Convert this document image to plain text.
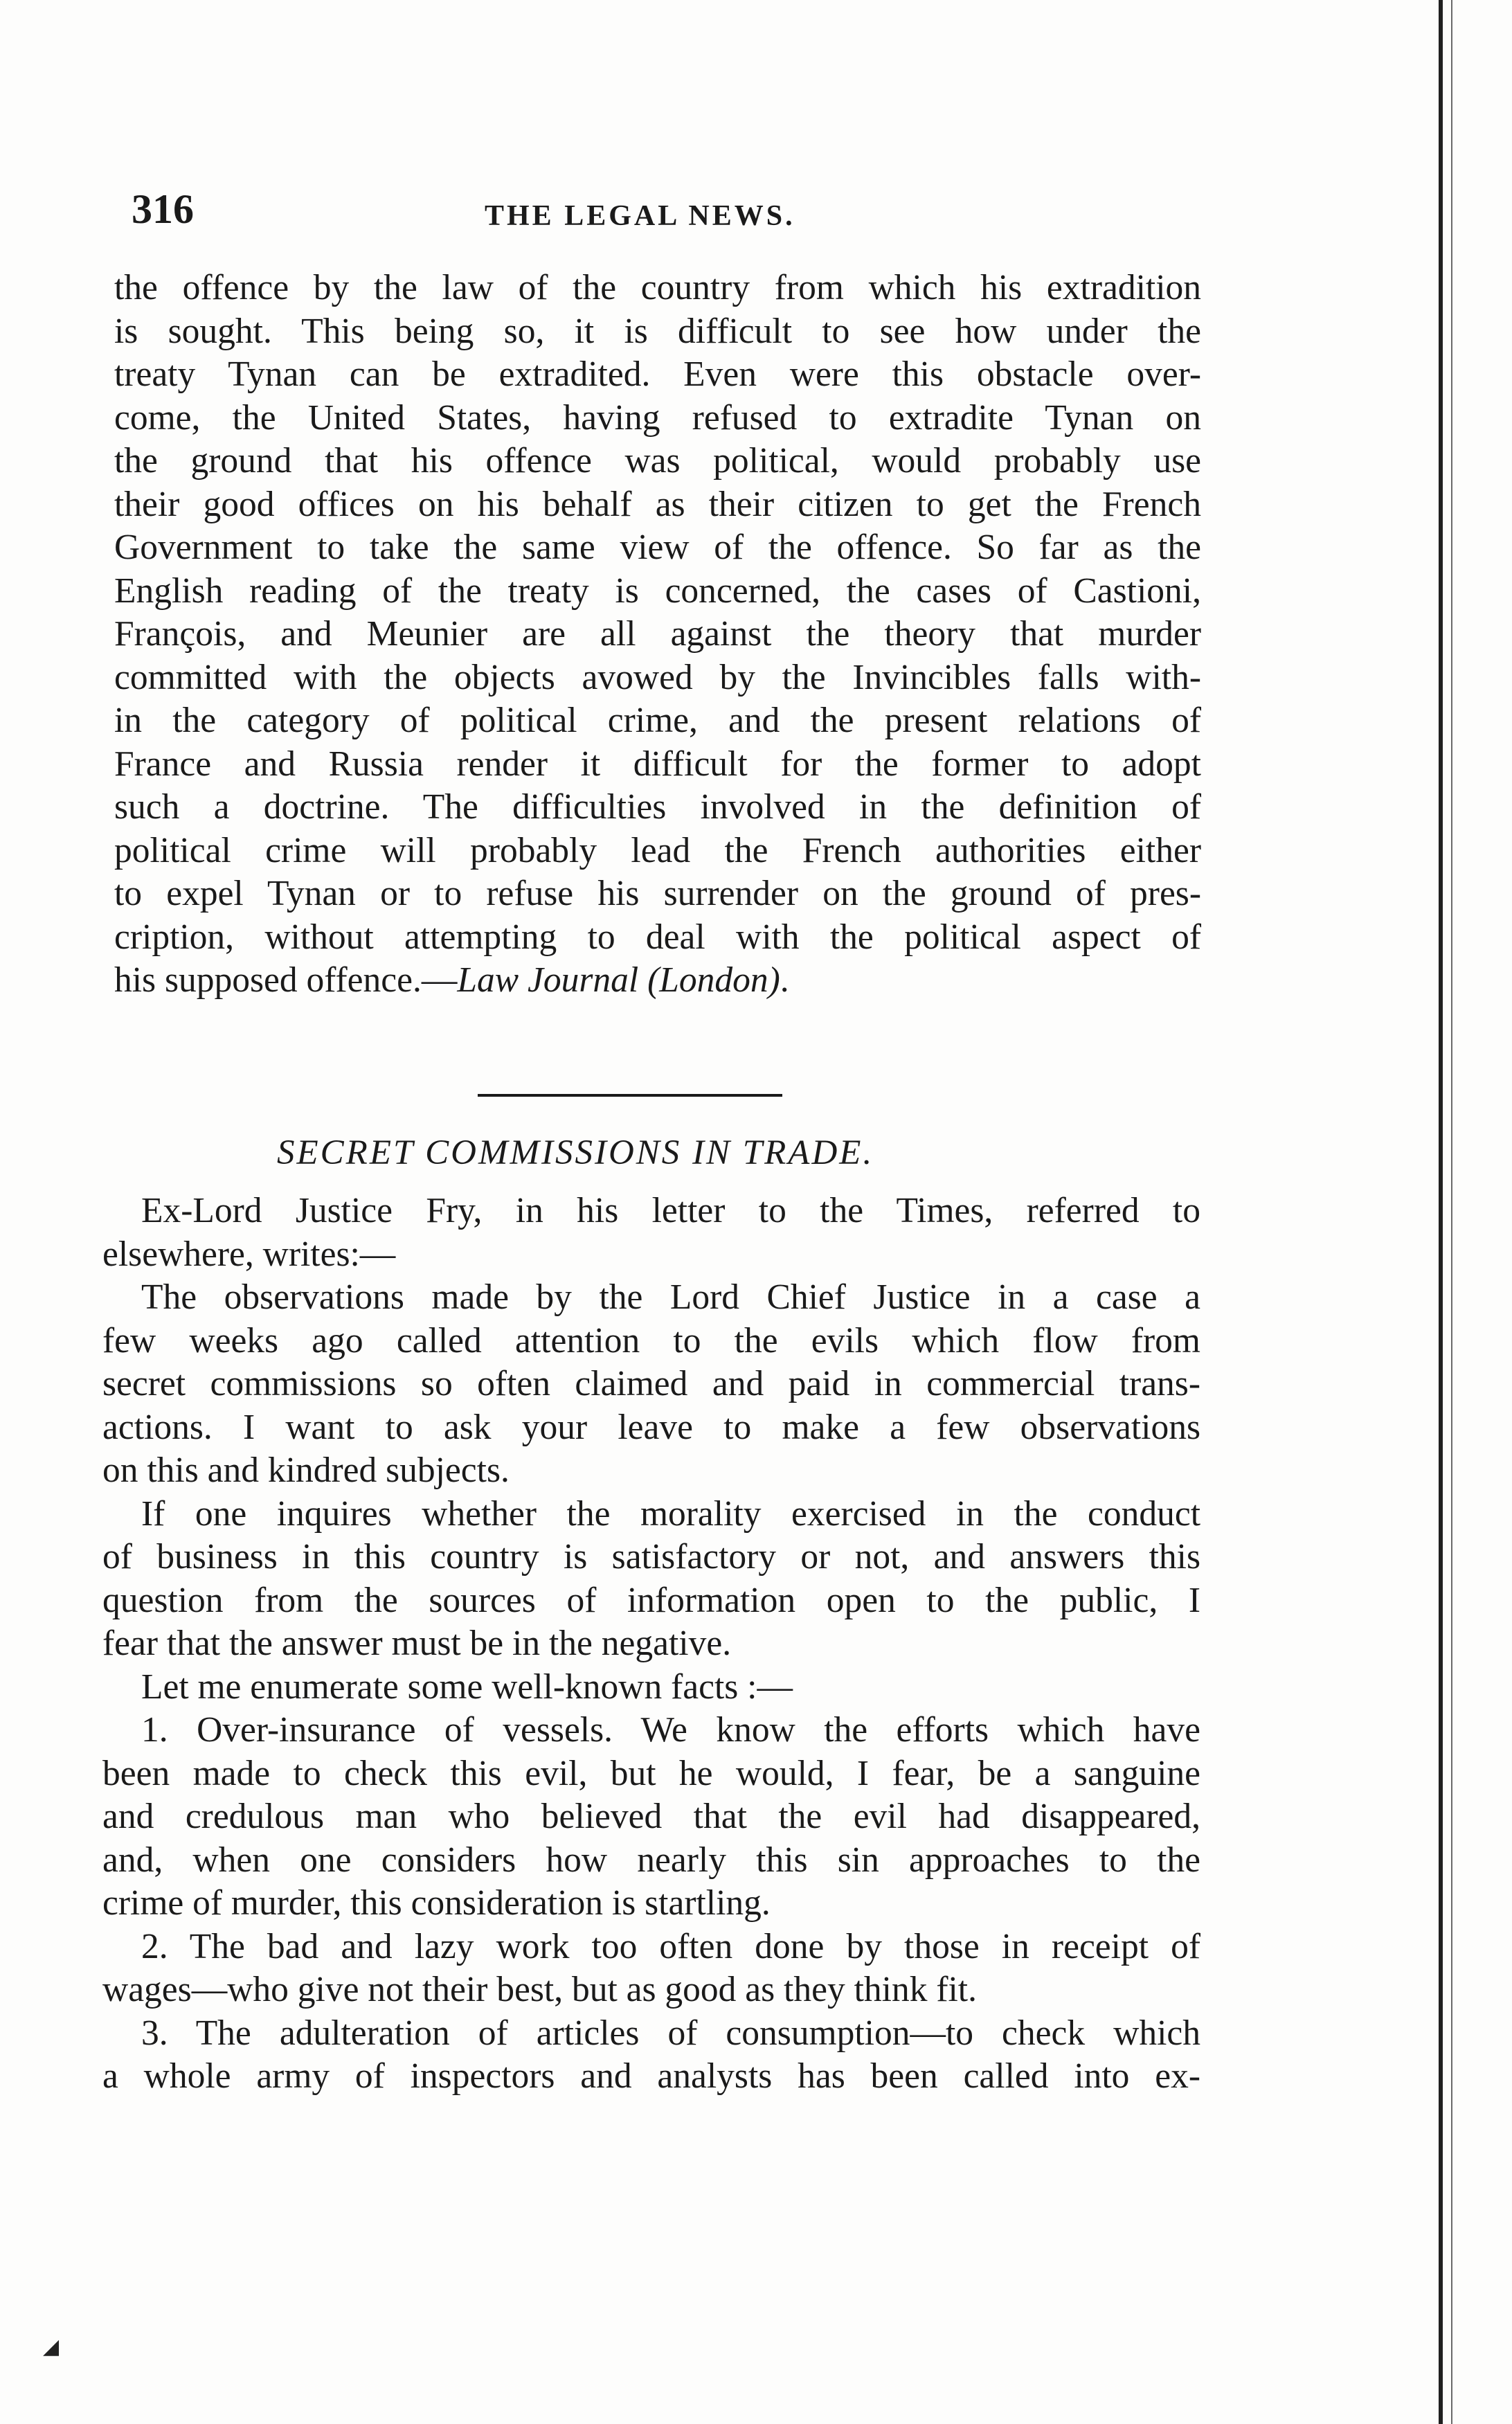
316	THE LEGAL NEWS.

the offence by the law of the country from which his extradition
is sought. This being so, it is difficult to see how under the
treaty Tynan can be extradited. Even were this obstacle over-
come, the United States, having refused to extradite Tynan on
the ground that his offence was political, would probably use
their good offices on his behalf as their citizen to get the French
Government to take the same view of the offence. So far as the
English reading of the treaty is concerned, the cases of Castioni,
François, and Meunier are all against the theory that murder
committed with the objects avowed by the Invincibles falls with-
in the category of political crime, and the present relations of
France and Russia render it difficult for the former to adopt
such a doctrine. The difficulties involved in the definition of
political crime will probably lead the French authorities either
to expel Tynan or to refuse his surrender on the ground of pres-
cription, without attempting to deal with the political aspect of
his supposed offence.—Law Journal (London).

SECRET COMMISSIONS IN TRADE.

Ex-Lord Justice Fry, in his letter to the Times, referred to
elsewhere, writes:—

The observations made by the Lord Chief Justice in a case a
few weeks ago called attention to the evils which flow from
secret commissions so often claimed and paid in commercial trans-
actions. I want to ask your leave to make a few observations
on this and kindred subjects.

If one inquires whether the morality exercised in the conduct
of business in this country is satisfactory or not, and answers this
question from the sources of information open to the public, I
fear that the answer must be in the negative.

Let me enumerate some well-known facts :—

1. Over-insurance of vessels. We know the efforts which have
been made to check this evil, but he would, I fear, be a sanguine
and credulous man who believed that the evil had disappeared,
and, when one considers how nearly this sin approaches to the
crime of murder, this consideration is startling.

2. The bad and lazy work too often done by those in receipt of
wages—who give not their best, but as good as they think fit.

3. The adulteration of articles of consumption—to check which
a whole army of inspectors and analysts has been called into ex-

◢
